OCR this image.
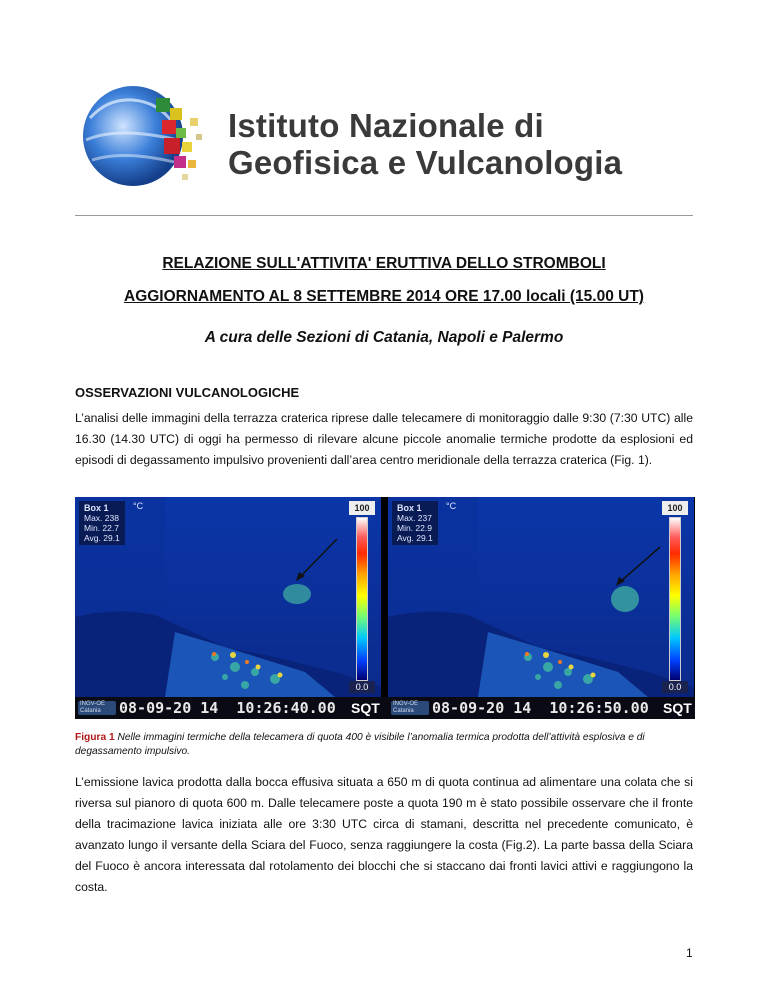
Istituto Nazionale di
Geofisica e Vulcanologia
RELAZIONE SULL'ATTIVITA' ERUTTIVA DELLO STROMBOLI
AGGIORNAMENTO AL 8 SETTEMBRE 2014 ORE 17.00 locali (15.00 UT)
A cura delle Sezioni di Catania, Napoli e Palermo
OSSERVAZIONI VULCANOLOGICHE
L’analisi delle immagini della terrazza craterica riprese dalle telecamere di monitoraggio dalle 9:30 (7:30 UTC) alle 16.30 (14.30 UTC) di oggi ha permesso di rilevare alcune piccole anomalie termiche prodotte da esplosioni ed episodi di degassamento impulsivo provenienti dall’area centro meridionale della terrazza craterica (Fig. 1).
Box 1
Max. 238
Min. 22.7
Avg. 29.1
°C	100
0.0
Box 1
Max. 237
Min. 22.9
Avg. 29.1
°C	100
0.0
INGV-OE Catania	08-09-20 14  10:26:40.00 SQT	INGV-OE Catania	08-09-20 14  10:26:50.00 SQT
Figura 1 Nelle immagini termiche della telecamera di quota 400 è visibile l’anomalia termica prodotta dell’attività esplosiva e di degassamento impulsivo.
L’emissione lavica prodotta dalla bocca effusiva situata a 650 m di quota continua ad alimentare una colata che si riversa sul pianoro di quota 600 m. Dalle telecamere poste a quota 190 m è stato possibile osservare che il fronte della tracimazione lavica iniziata alle ore 3:30 UTC circa di stamani, descritta nel precedente comunicato, è avanzato lungo il versante della Sciara del Fuoco, senza raggiungere la costa (Fig.2). La parte bassa della Sciara del Fuoco è ancora interessata dal rotolamento dei blocchi che si staccano dai fronti lavici attivi e raggiungono la costa.
1
